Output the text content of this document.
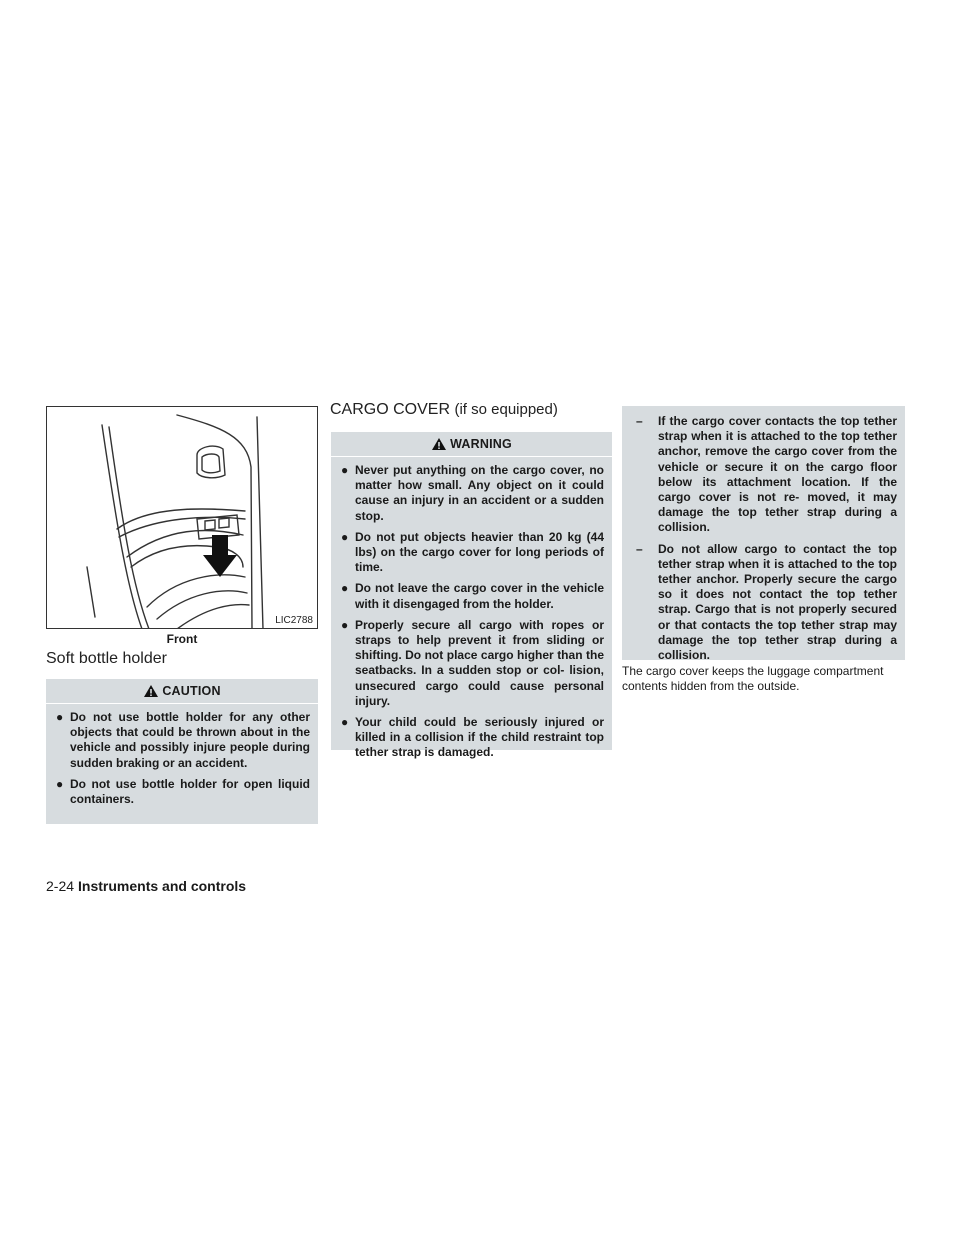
LIC2788
Front
Soft bottle holder
CAUTION
● Do not use bottle holder for any other objects that could be thrown about in the vehicle and possibly injure people during sudden braking or an accident.
● Do not use bottle holder for open liquid containers.
CARGO COVER (if so equipped)
WARNING
● Never put anything on the cargo cover, no matter how small. Any object on it could cause an injury in an accident or a sudden stop.
● Do not put objects heavier than 20 kg (44 lbs) on the cargo cover for long periods of time.
● Do not leave the cargo cover in the vehicle with it disengaged from the holder.
● Properly secure all cargo with ropes or straps to help prevent it from sliding or shifting. Do not place cargo higher than the seatbacks. In a sudden stop or col- lision, unsecured cargo could cause personal injury.
● Your child could be seriously injured or killed in a collision if the child restraint top tether strap is damaged.
– If the cargo cover contacts the top tether strap when it is attached to the top tether anchor, remove the cargo cover from the vehicle or secure it on the cargo floor below its attachment location. If the cargo cover is not re- moved, it may damage the top tether strap during a collision.
– Do not allow cargo to contact the top tether strap when it is attached to the top tether anchor. Properly secure the cargo so it does not contact the top tether strap. Cargo that is not properly secured or that contacts the top tether strap may damage the top tether strap during a collision.

The cargo cover keeps the luggage compartment contents hidden from the outside.

2-24 Instruments and controls
